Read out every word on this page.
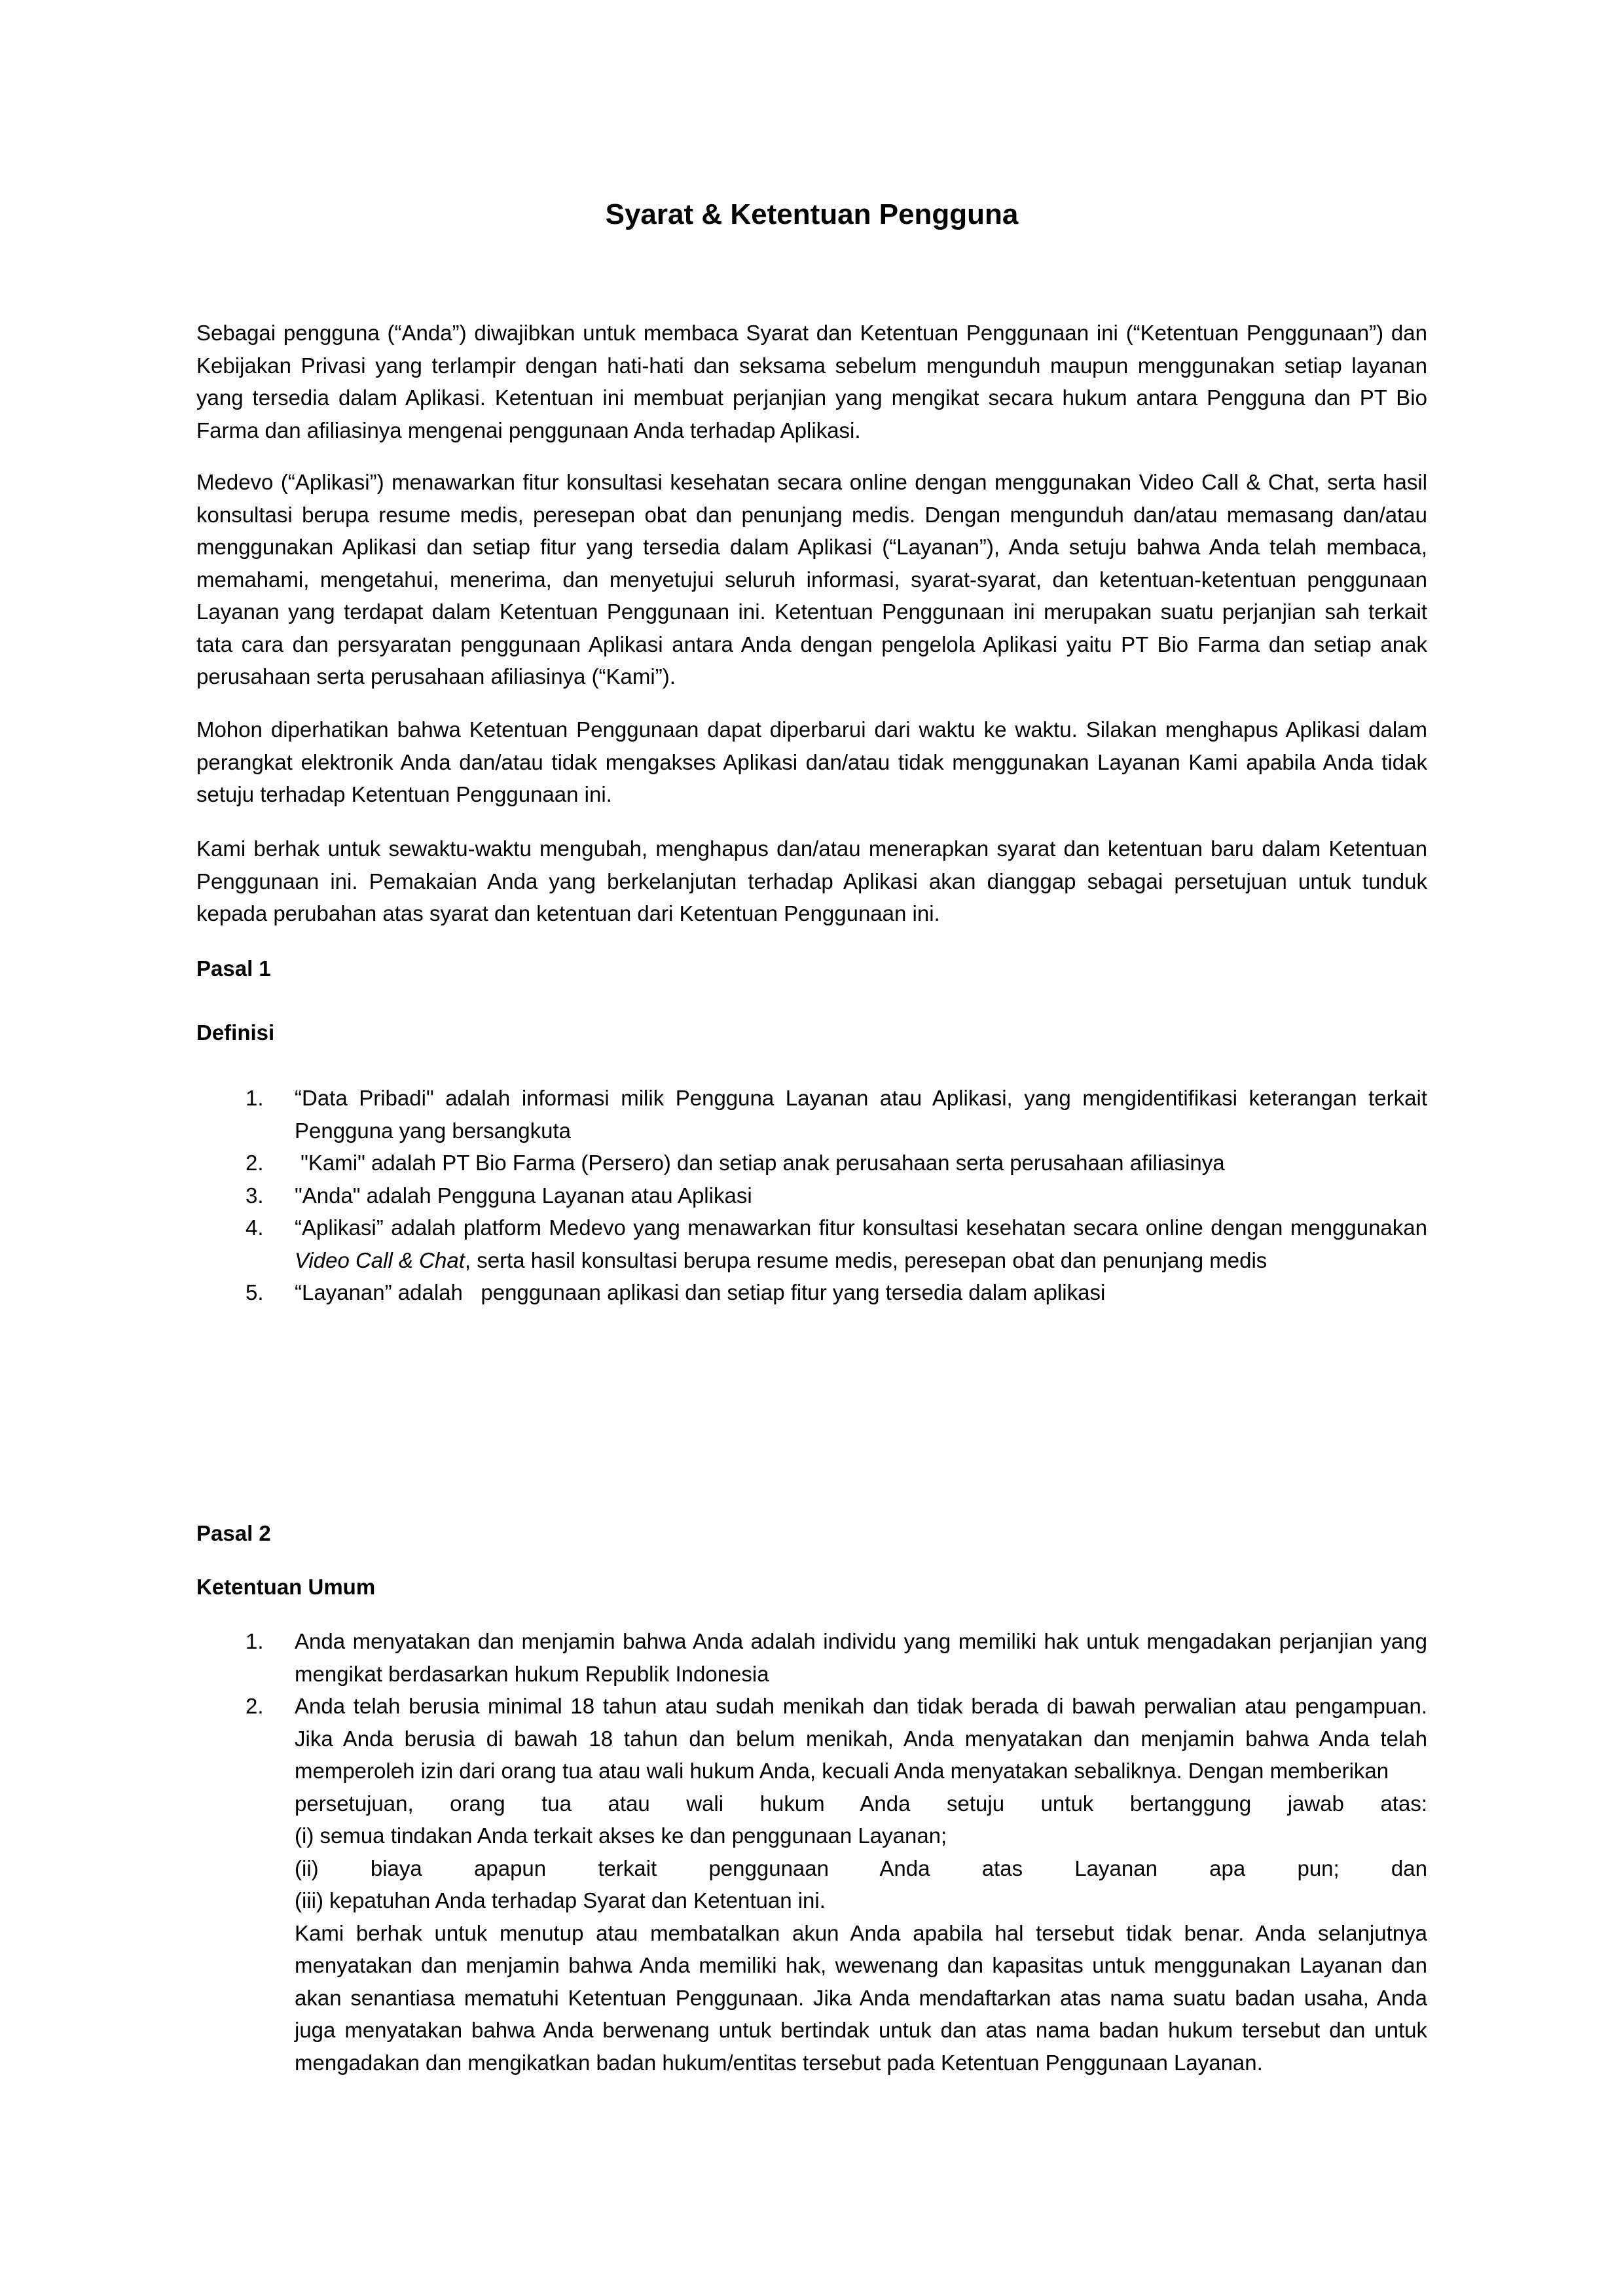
Syarat & Ketentuan Pengguna

Sebagai pengguna (“Anda”) diwajibkan untuk membaca Syarat dan Ketentuan Penggunaan ini (“Ketentuan Penggunaan”) dan Kebijakan Privasi yang terlampir dengan hati-hati dan seksama sebelum mengunduh maupun menggunakan setiap layanan yang tersedia dalam Aplikasi. Ketentuan ini membuat perjanjian yang mengikat secara hukum antara Pengguna dan PT Bio Farma dan afiliasinya mengenai penggunaan Anda terhadap Aplikasi.

Medevo (“Aplikasi”) menawarkan fitur konsultasi kesehatan secara online dengan menggunakan Video Call & Chat, serta hasil konsultasi berupa resume medis, peresepan obat dan penunjang medis. Dengan mengunduh dan/atau memasang dan/atau menggunakan Aplikasi dan setiap fitur yang tersedia dalam Aplikasi (“Layanan”), Anda setuju bahwa Anda telah membaca, memahami, mengetahui, menerima, dan menyetujui seluruh informasi, syarat-syarat, dan ketentuan-ketentuan penggunaan Layanan yang terdapat dalam Ketentuan Penggunaan ini. Ketentuan Penggunaan ini merupakan suatu perjanjian sah terkait tata cara dan persyaratan penggunaan Aplikasi antara Anda dengan pengelola Aplikasi yaitu PT Bio Farma dan setiap anak perusahaan serta perusahaan afiliasinya (“Kami”).

Mohon diperhatikan bahwa Ketentuan Penggunaan dapat diperbarui dari waktu ke waktu. Silakan menghapus Aplikasi dalam perangkat elektronik Anda dan/atau tidak mengakses Aplikasi dan/atau tidak menggunakan Layanan Kami apabila Anda tidak setuju terhadap Ketentuan Penggunaan ini.

Kami berhak untuk sewaktu-waktu mengubah, menghapus dan/atau menerapkan syarat dan ketentuan baru dalam Ketentuan Penggunaan ini. Pemakaian Anda yang berkelanjutan terhadap Aplikasi akan dianggap sebagai persetujuan untuk tunduk kepada perubahan atas syarat dan ketentuan dari Ketentuan Penggunaan ini.

Pasal 1
Definisi
1. “Data Pribadi" adalah informasi milik Pengguna Layanan atau Aplikasi, yang mengidentifikasi keterangan terkait Pengguna yang bersangkuta
2. "Kami" adalah PT Bio Farma (Persero) dan setiap anak perusahaan serta perusahaan afiliasinya
3. "Anda" adalah Pengguna Layanan atau Aplikasi
4. “Aplikasi” adalah platform Medevo yang menawarkan fitur konsultasi kesehatan secara online dengan menggunakan Video Call & Chat, serta hasil konsultasi berupa resume medis, peresepan obat dan penunjang medis
5. “Layanan” adalah   penggunaan aplikasi dan setiap fitur yang tersedia dalam aplikasi
Pasal 2
Ketentuan Umum
1. Anda menyatakan dan menjamin bahwa Anda adalah individu yang memiliki hak untuk mengadakan perjanjian yang mengikat berdasarkan hukum Republik Indonesia
2. Anda telah berusia minimal 18 tahun atau sudah menikah dan tidak berada di bawah perwalian atau pengampuan. Jika Anda berusia di bawah 18 tahun dan belum menikah, Anda menyatakan dan menjamin bahwa Anda telah memperoleh izin dari orang tua atau wali hukum Anda, kecuali Anda menyatakan sebaliknya. Dengan memberikan
persetujuan, orang tua atau wali hukum Anda setuju untuk bertanggung jawab atas:
(i) semua tindakan Anda terkait akses ke dan penggunaan Layanan;
(ii) biaya apapun terkait penggunaan Anda atas Layanan apa pun; dan
(iii) kepatuhan Anda terhadap Syarat dan Ketentuan ini.
Kami berhak untuk menutup atau membatalkan akun Anda apabila hal tersebut tidak benar. Anda selanjutnya menyatakan dan menjamin bahwa Anda memiliki hak, wewenang dan kapasitas untuk menggunakan Layanan dan akan senantiasa mematuhi Ketentuan Penggunaan. Jika Anda mendaftarkan atas nama suatu badan usaha, Anda juga menyatakan bahwa Anda berwenang untuk bertindak untuk dan atas nama badan hukum tersebut dan untuk mengadakan dan mengikatkan badan hukum/entitas tersebut pada Ketentuan Penggunaan Layanan.
